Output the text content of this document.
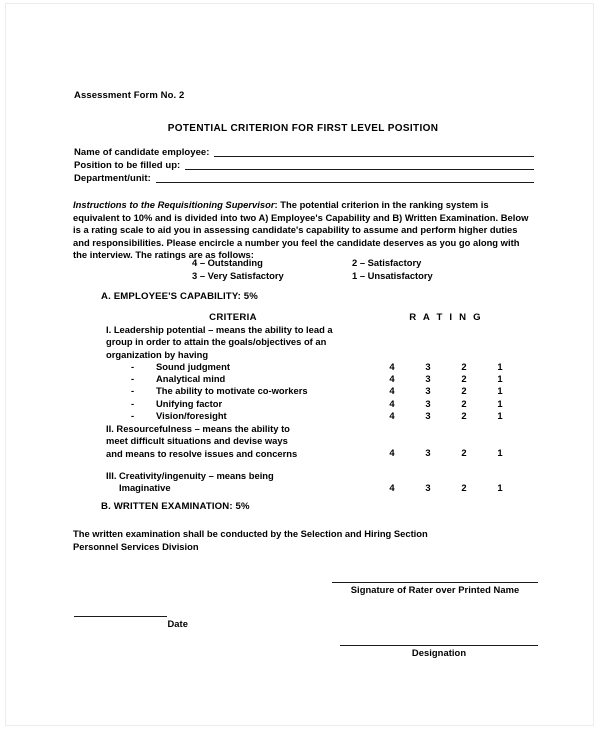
Assessment Form No. 2
POTENTIAL CRITERION FOR FIRST LEVEL POSITION
Name of candidate employee:
Position to be filled up:
Department/unit:

Instructions to the Requisitioning Supervisor: The potential criterion in the ranking system is equivalent to 10% and is divided into two A) Employee's Capability and B) Written Examination. Below is a rating scale to aid you in assessing candidate's capability to assume and perform higher duties and responsibilities. Please encircle a number you feel the candidate deserves as you go along with the interview. The ratings are as follows:

4 – Outstanding	2 – Satisfactory
3 – Very Satisfactory	1 – Unsatisfactory
A. EMPLOYEE'S CAPABILITY: 5%
CRITERIA	R A T I N G
I. Leadership potential – means the ability to lead a
group in order to attain the goals/objectives of an
organization by having
-	Sound judgment	4	3	2	1
-	Analytical mind	4	3	2	1
-	The ability to motivate co-workers	4	3	2	1
-	Unifying factor	4	3	2	1
-	Vision/foresight	4	3	2	1
II. Resourcefulness – means the ability to
meet difficult situations and devise ways
and means to resolve issues and concerns	4	3	2	1
III. Creativity/ingenuity – means being
Imaginative	4	3	2	1
B. WRITTEN EXAMINATION: 5%
The written examination shall be conducted by the Selection and Hiring Section
Personnel Services Division
Signature of Rater over Printed Name
Date
Designation
